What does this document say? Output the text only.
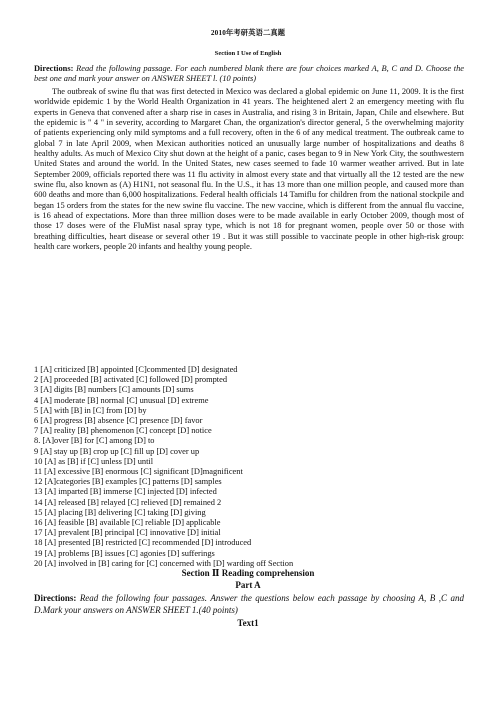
2010年考研英语二真题
Section I Use of English
Directions: Read the following passage. For each numbered blank there are four choices marked A, B, C and D. Choose the best one and mark your answer on ANSWER SHEET l. (10 points)
The outbreak of swine flu that was first detected in Mexico was declared a global epidemic on June 11, 2009. It is the first worldwide epidemic 1 by the World Health Organization in 41 years. The heightened alert 2 an emergency meeting with flu experts in Geneva that convened after a sharp rise in cases in Australia, and rising 3 in Britain, Japan, Chile and elsewhere. But the epidemic is " 4 " in severity, according to Margaret Chan, the organization's director general, 5 the overwhelming majority of patients experiencing only mild symptoms and a full recovery, often in the 6 of any medical treatment. The outbreak came to global 7 in late April 2009, when Mexican authorities noticed an unusually large number of hospitalizations and deaths 8 healthy adults. As much of Mexico City shut down at the height of a panic, cases began to 9 in New York City, the southwestern United States and around the world. In the United States, new cases seemed to fade 10 warmer weather arrived. But in late September 2009, officials reported there was 11 flu activity in almost every state and that virtually all the 12 tested are the new swine flu, also known as (A) H1N1, not seasonal flu. In the U.S., it has 13 more than one million people, and caused more than 600 deaths and more than 6,000 hospitalizations. Federal health officials 14 Tamiflu for children from the national stockpile and began 15 orders from the states for the new swine flu vaccine. The new vaccine, which is different from the annual flu vaccine, is 16 ahead of expectations. More than three million doses were to be made available in early October 2009, though most of those 17 doses were of the FluMist nasal spray type, which is not 18 for pregnant women, people over 50 or those with breathing difficulties, heart disease or several other 19 . But it was still possible to vaccinate people in other high-risk group: health care workers, people 20 infants and healthy young people.
1 [A] criticized [B] appointed [C]commented [D] designated
2 [A] proceeded [B] activated [C] followed [D] prompted
3 [A] digits [B] numbers [C] amounts [D] sums
4 [A] moderate [B] normal [C] unusual [D] extreme
5 [A] with [B] in [C] from [D] by
6 [A] progress [B] absence [C] presence [D] favor
7 [A] reality [B] phenomenon [C] concept [D] notice
8. [A]over [B] for [C] among [D] to
9 [A] stay up [B] crop up [C] fill up [D] cover up
10 [A] as [B] if [C] unless [D] until
11 [A] excessive [B] enormous [C] significant [D]magnificent
12 [A]categories [B] examples [C] patterns [D] samples
13 [A] imparted [B] immerse [C] injected [D] infected
14 [A] released [B] relayed [C] relieved [D] remained 2
15 [A] placing [B] delivering [C] taking [D] giving
16 [A] feasible [B] available [C] reliable [D] applicable
17 [A] prevalent [B] principal [C] innovative [D] initial
18 [A] presented [B] restricted [C] recommended [D] introduced
19 [A] problems [B] issues [C] agonies [D] sufferings
20 [A] involved in [B] caring for [C] concerned with [D] warding off Section
Section Ⅱ Reading comprehension
Part A
Directions: Read the following four passages. Answer the questions below each passage by choosing A, B ,C and D.Mark your answers on ANSWER SHEET 1.(40 points)
Text1
